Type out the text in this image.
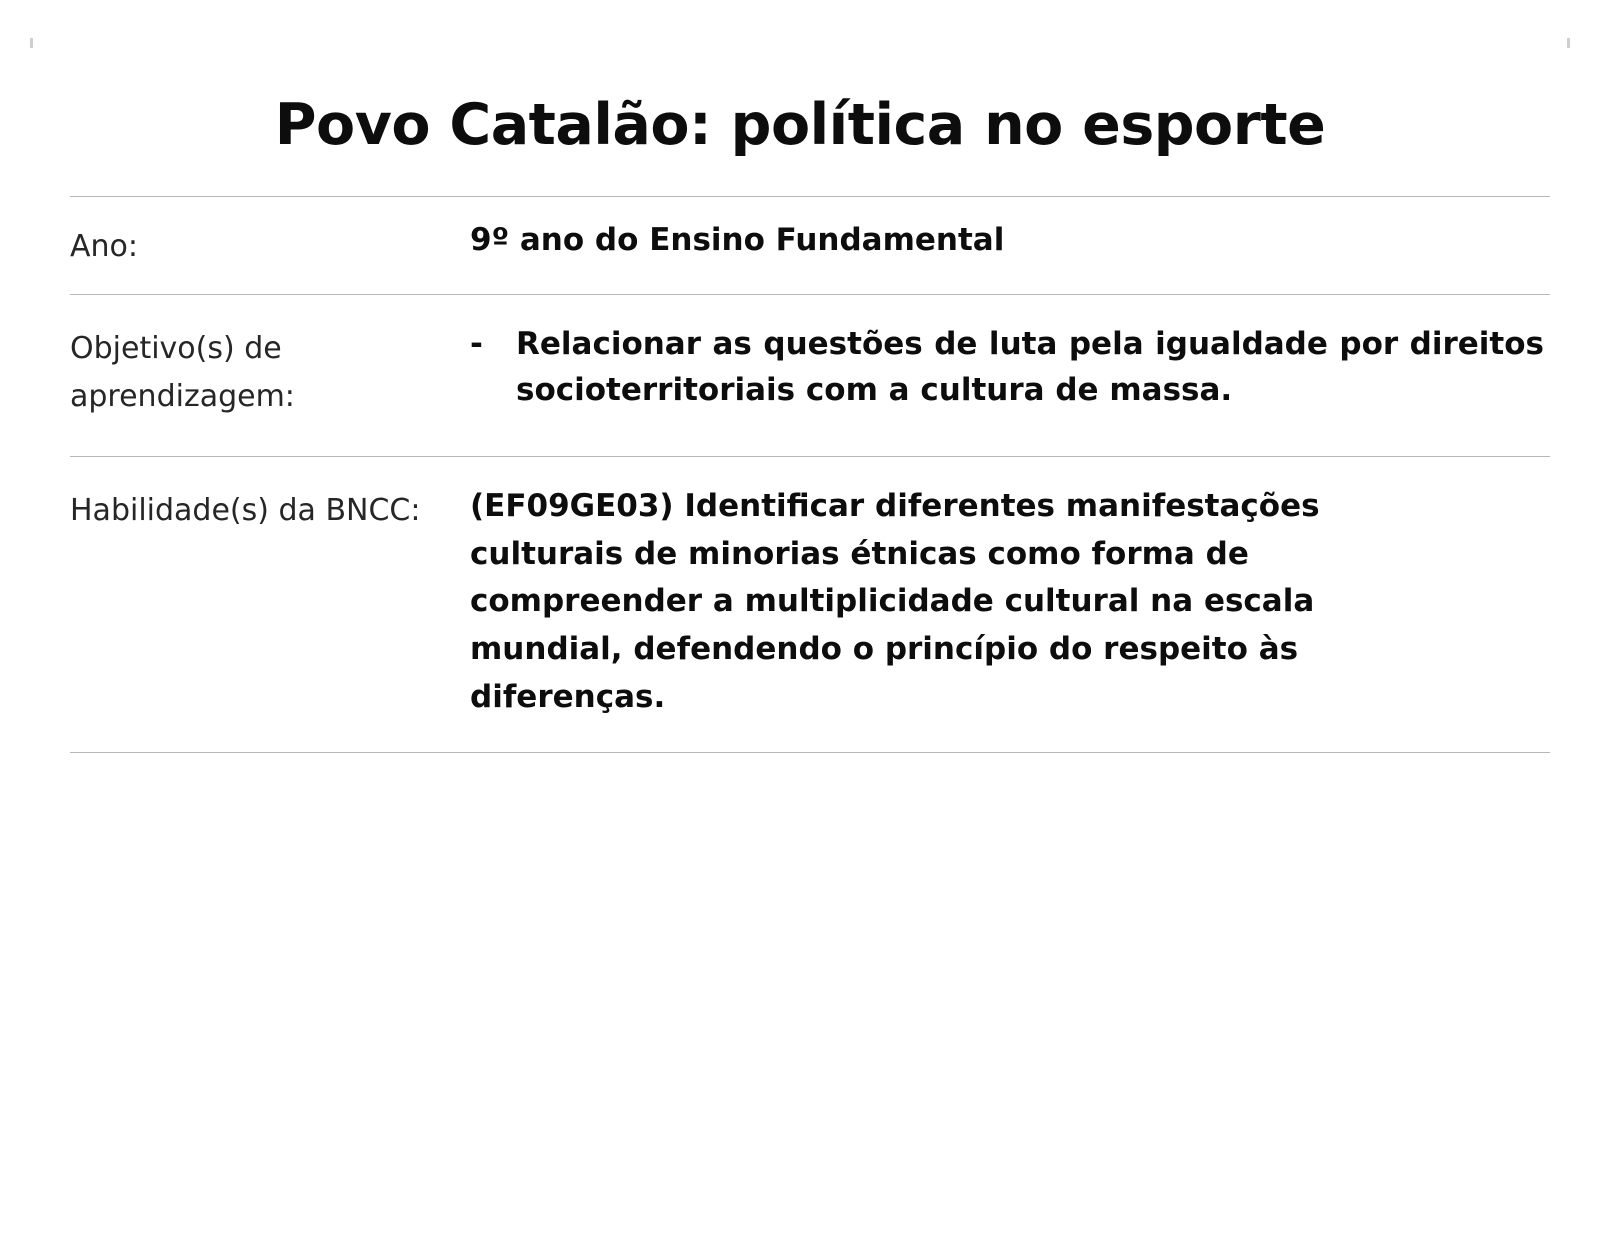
Povo Catalão: política no esporte
Ano:	9º ano do Ensino Fundamental
Objetivo(s) de aprendizagem:
-	Relacionar as questões de luta pela igualdade por direitos socioterritoriais com a cultura de massa.
Habilidade(s) da BNCC:	(EF09GE03) Identificar diferentes manifestações culturais de minorias étnicas como forma de compreender a multiplicidade cultural na escala mundial, defendendo o princípio do respeito às diferenças.
